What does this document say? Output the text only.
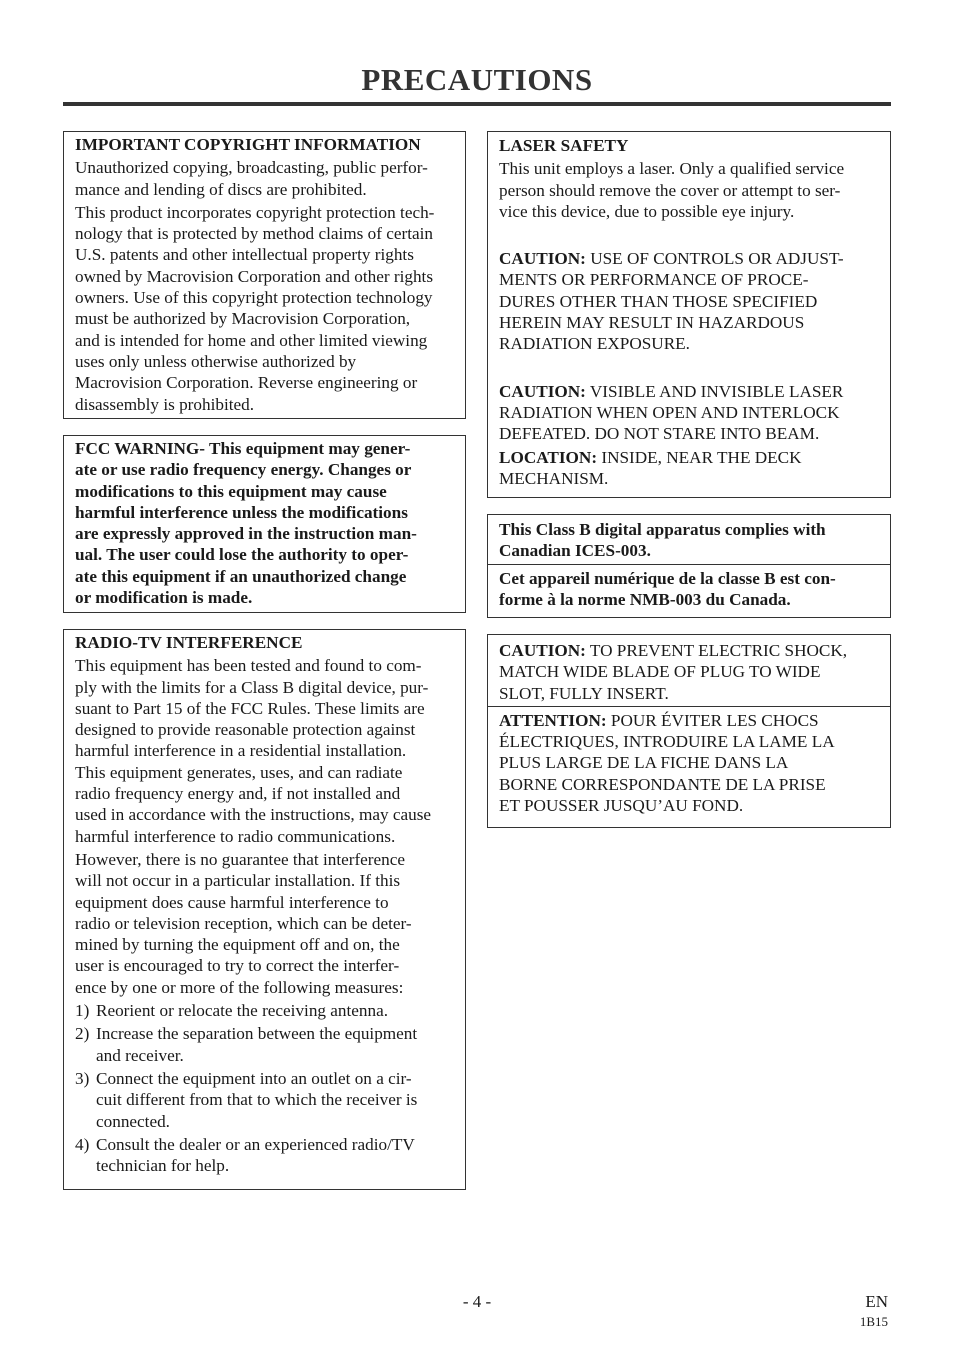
PRECAUTIONS

IMPORTANT COPYRIGHT INFORMATION

Unauthorized copying, broadcasting, public perfor-
mance and lending of discs are prohibited.

This product incorporates copyright protection tech-
nology that is protected by method claims of certain
U.S. patents and other intellectual property rights
owned by Macrovision Corporation and other rights
owners. Use of this copyright protection technology
must be authorized by Macrovision Corporation,
and is intended for home and other limited viewing
uses only unless otherwise authorized by
Macrovision Corporation. Reverse engineering or
disassembly is prohibited.

FCC WARNING- This equipment may gener-
ate or use radio frequency energy. Changes or
modifications to this equipment may cause
harmful interference unless the modifications
are expressly approved in the instruction man-
ual. The user could lose the authority to oper-
ate this equipment if an unauthorized change
or modification is made.

RADIO-TV INTERFERENCE

This equipment has been tested and found to com-
ply with the limits for a Class B digital device, pur-
suant to Part 15 of the FCC Rules. These limits are
designed to provide reasonable protection against
harmful interference in a residential installation.
This equipment generates, uses, and can radiate
radio frequency energy and, if not installed and
used in accordance with the instructions, may cause
harmful interference to radio communications.

However, there is no guarantee that interference
will not occur in a particular installation. If this
equipment does cause harmful interference to
radio or television reception, which can be deter-
mined by turning the equipment off and on, the
user is encouraged to try to correct the interfer-
ence by one or more of the following measures:

1) Reorient or relocate the receiving antenna.
2) Increase the separation between the equipment
and receiver.
3) Connect the equipment into an outlet on a cir-
cuit different from that to which the receiver is
connected.
4) Consult the dealer or an experienced radio/TV
technician for help.

LASER SAFETY

This unit employs a laser. Only a qualified service
person should remove the cover or attempt to ser-
vice this device, due to possible eye injury.

CAUTION: USE OF CONTROLS OR ADJUST-
MENTS OR PERFORMANCE OF PROCE-
DURES OTHER THAN THOSE SPECIFIED
HEREIN MAY RESULT IN HAZARDOUS
RADIATION EXPOSURE.

CAUTION: VISIBLE AND INVISIBLE LASER
RADIATION WHEN OPEN AND INTERLOCK
DEFEATED. DO NOT STARE INTO BEAM.

LOCATION: INSIDE, NEAR THE DECK
MECHANISM.

This Class B digital apparatus complies with
Canadian ICES-003.

Cet appareil numérique de la classe B est con-
forme à la norme NMB-003 du Canada.

CAUTION: TO PREVENT ELECTRIC SHOCK,
MATCH WIDE BLADE OF PLUG TO WIDE
SLOT, FULLY INSERT.

ATTENTION: POUR ÉVITER LES CHOCS
ÉLECTRIQUES, INTRODUIRE LA LAME LA
PLUS LARGE DE LA FICHE DANS LA
BORNE CORRESPONDANTE DE LA PRISE
ET POUSSER JUSQU’AU FOND.

- 4 -	EN
1B15
